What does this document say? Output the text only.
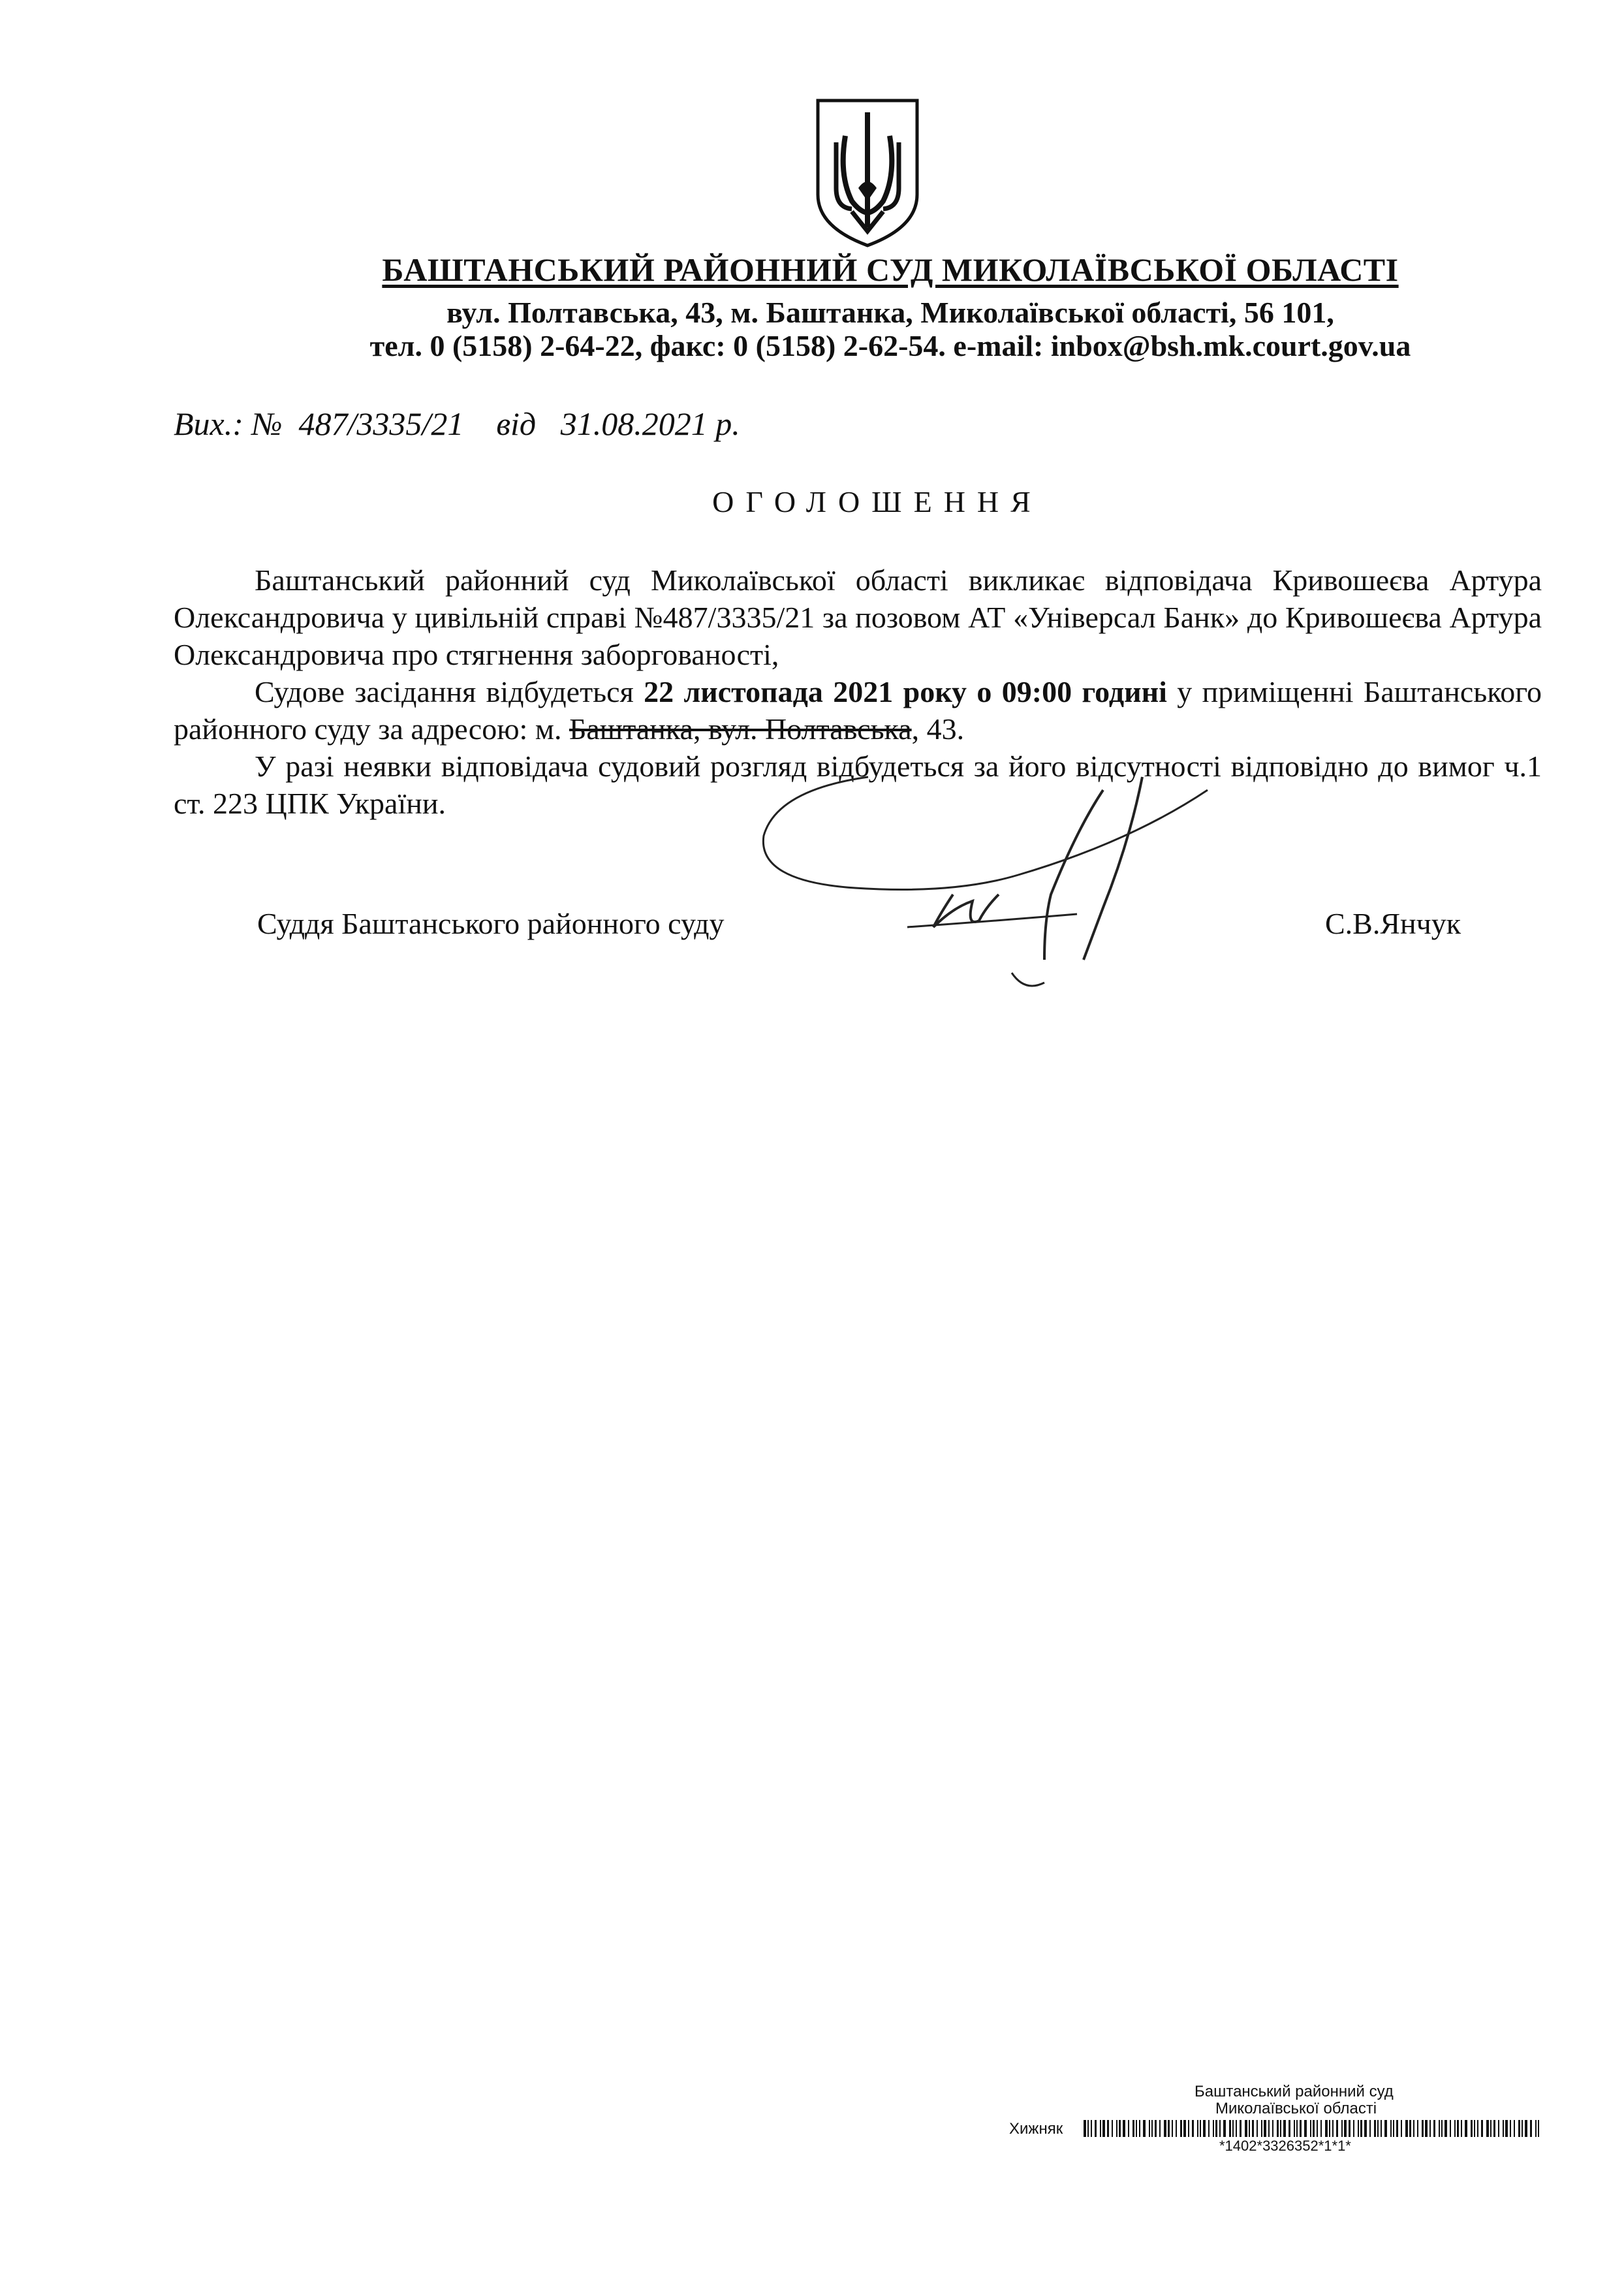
БАШТАНСЬКИЙ РАЙОННИЙ СУД МИКОЛАЇВСЬКОЇ ОБЛАСТІ
вул. Полтавська, 43, м. Баштанка, Миколаївської області, 56 101,
тел. 0 (5158) 2-64-22, факс: 0 (5158) 2-62-54. e-mail: inbox@bsh.mk.court.gov.ua
Вих.: № 487/3335/21 від 31.08.2021 р.
ОГОЛОШЕННЯ

Баштанський районний суд Миколаївської області викликає відповідача Кривошеєва Артура Олександровича у цивільній справі №487/3335/21 за позовом АТ «Універсал Банк» до Кривошеєва Артура Олександровича про стягнення заборгованості,

Судове засідання відбудеться 22 листопада 2021 року о 09:00 годині у приміщенні Баштанського районного суду за адресою: м. Баштанка, вул. Полтавська, 43.

У разі неявки відповідача судовий розгляд відбудеться за його відсутності відповідно до вимог ч.1 ст. 223 ЦПК України.

Суддя Баштанського районного суду	С.В.Янчук
Баштанський районний суд
Миколаївської області
Хижняк
*1402*3326352*1*1*
